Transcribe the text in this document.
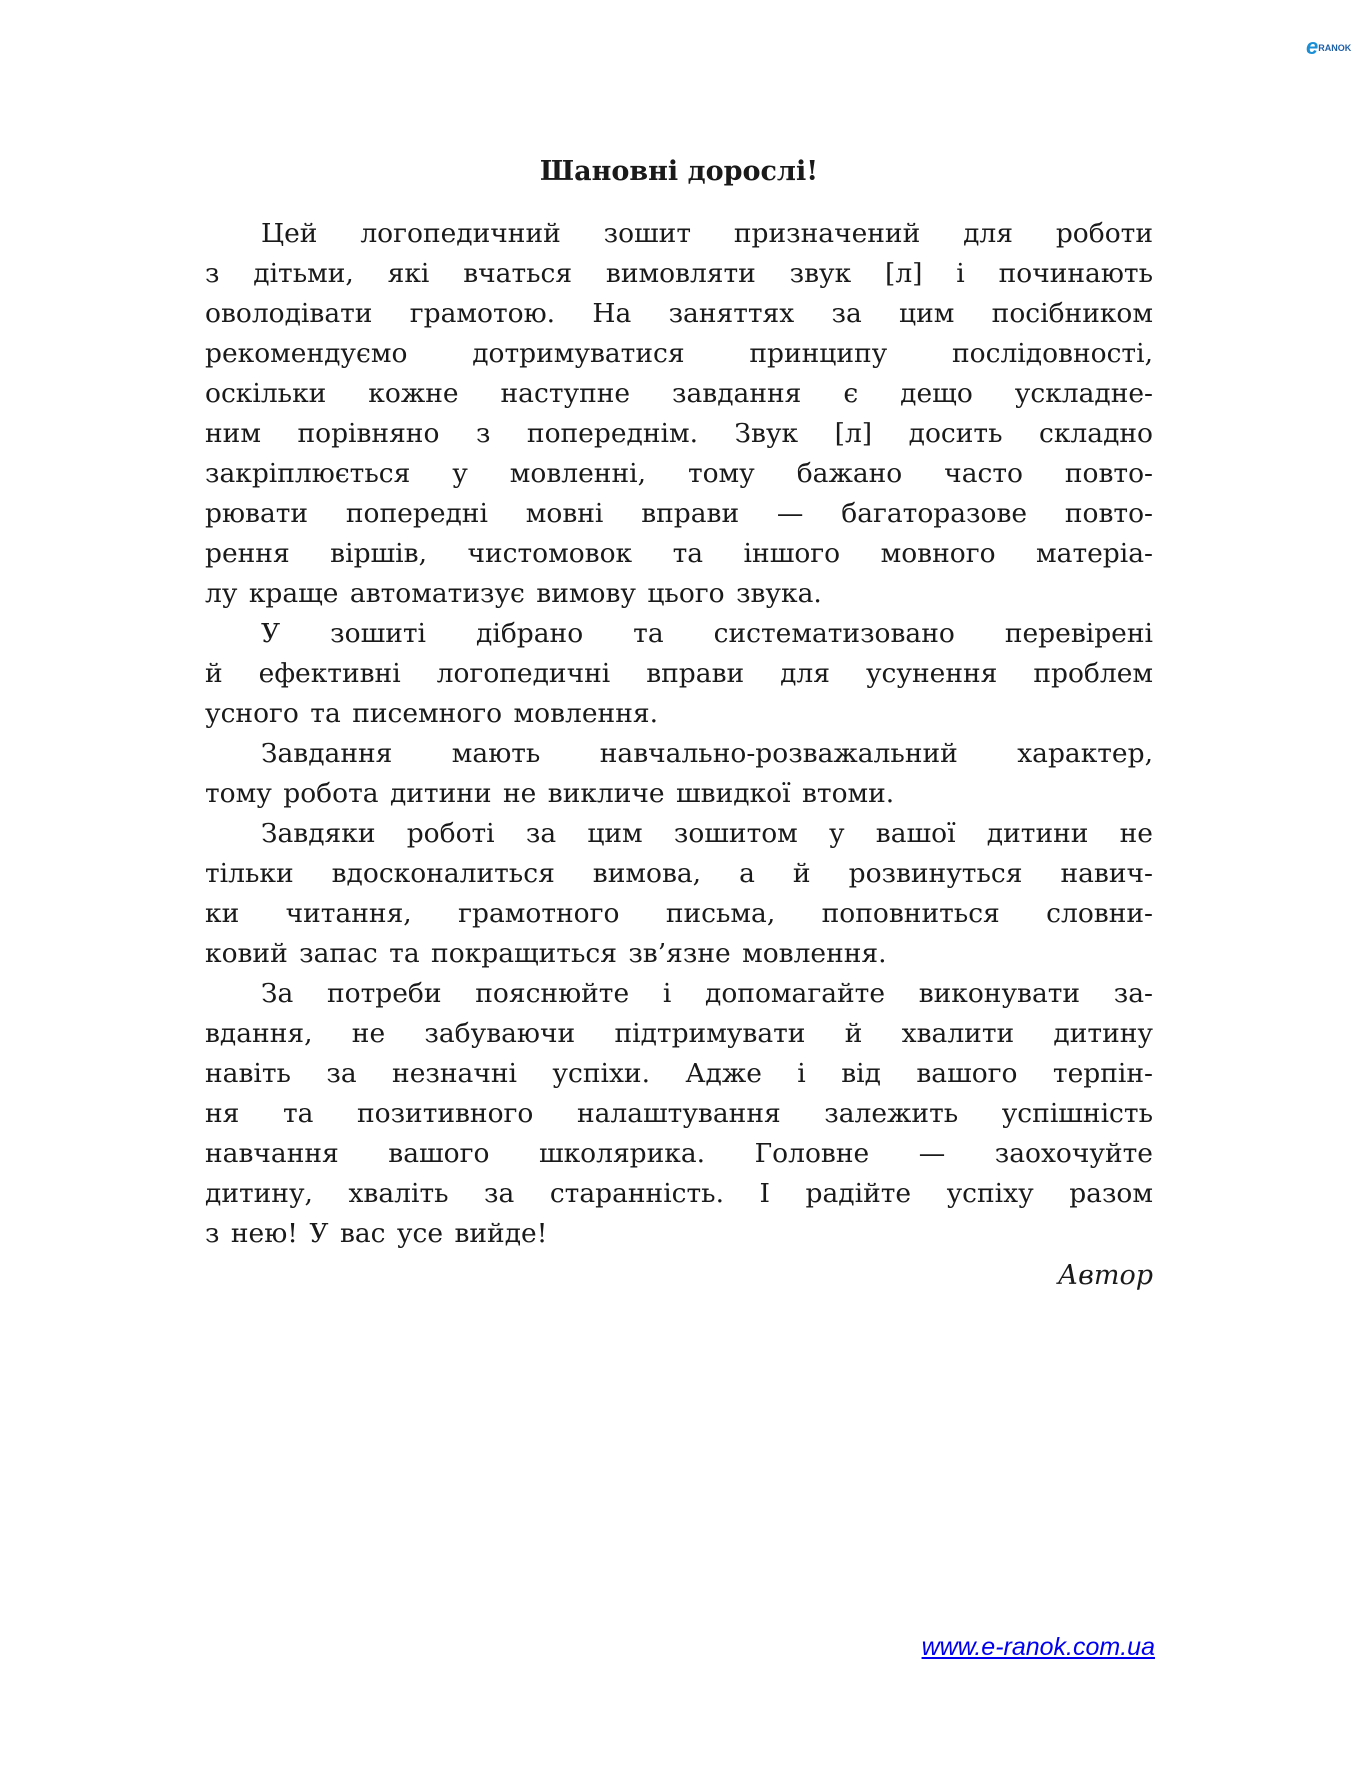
eRANOK
Шановні дорослі!
Цей логопедичний зошит призначений для роботи
з дітьми, які вчаться вимовляти звук [л] і починають
оволодівати грамотою. На заняттях за цим посібником
рекомендуємо дотримуватися принципу послідовності,
оскільки кожне наступне завдання є дещо ускладне-
ним порівняно з попереднім. Звук [л] досить складно
закріплюється у мовленні, тому бажано часто повто-
рювати попередні мовні вправи — багаторазове повто-
рення віршів, чистомовок та іншого мовного матеріа-
лу краще автоматизує вимову цього звука.
У зошиті дібрано та систематизовано перевірені
й ефективні логопедичні вправи для усунення проблем
усного та писемного мовлення.
Завдання мають навчально-розважальний характер,
тому робота дитини не викличе швидкої втоми.
Завдяки роботі за цим зошитом у вашої дитини не
тільки вдосконалиться вимова, а й розвинуться навич-
ки читання, грамотного письма, поповниться словни-
ковий запас та покращиться зв’язне мовлення.
За потреби пояснюйте і допомагайте виконувати за-
вдання, не забуваючи підтримувати й хвалити дитину
навіть за незначні успіхи. Адже і від вашого терпін-
ня та позитивного налаштування залежить успішність
навчання вашого школярика. Головне — заохочуйте
дитину, хваліть за старанність. І радійте успіху разом
з нею! У вас усе вийде!
Автор
www.e-ranok.com.ua
